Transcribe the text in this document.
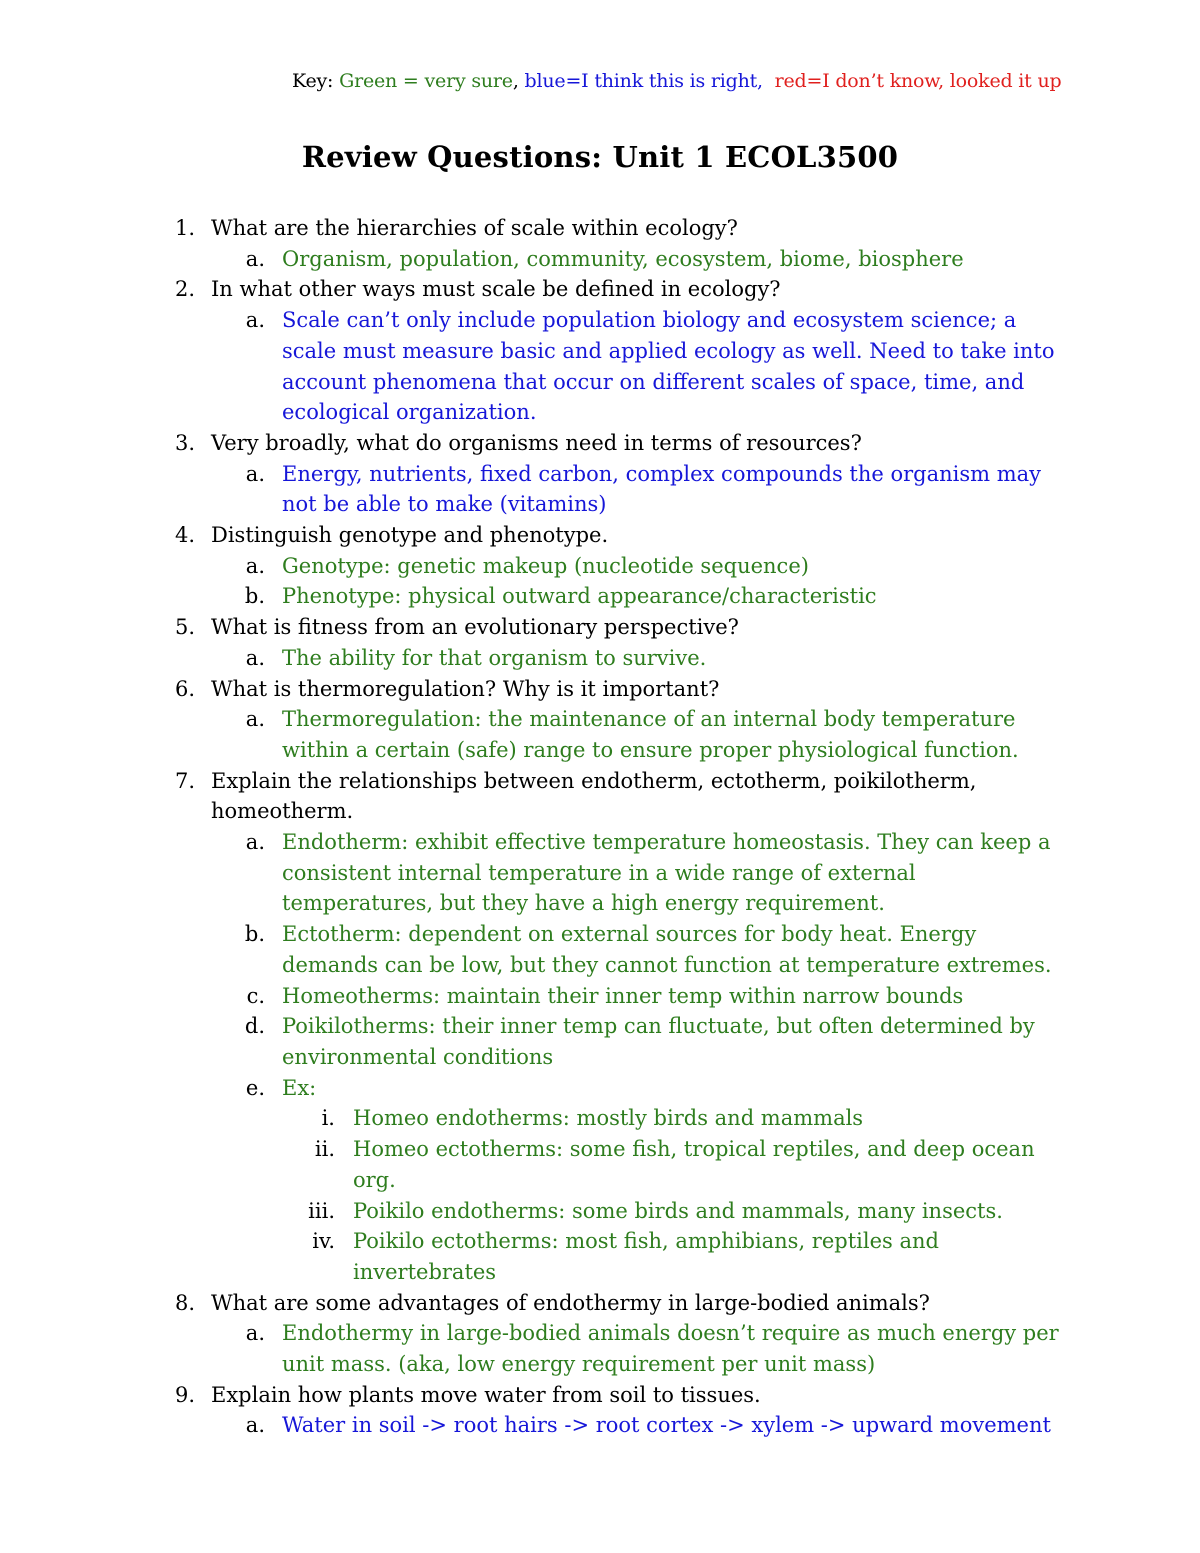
Key: Green = very sure, blue=I think this is right, red=I don’t know, looked it up
Review Questions: Unit 1 ECOL3500
1. What are the hierarchies of scale within ecology?
a. Organism, population, community, ecosystem, biome, biosphere
2. In what other ways must scale be defined in ecology?
a. Scale can’t only include population biology and ecosystem science; a scale must measure basic and applied ecology as well. Need to take into account phenomena that occur on different scales of space, time, and ecological organization.
3. Very broadly, what do organisms need in terms of resources?
a. Energy, nutrients, fixed carbon, complex compounds the organism may not be able to make (vitamins)
4. Distinguish genotype and phenotype.
a. Genotype: genetic makeup (nucleotide sequence)
b. Phenotype: physical outward appearance/characteristic
5. What is fitness from an evolutionary perspective?
a. The ability for that organism to survive.
6. What is thermoregulation? Why is it important?
a. Thermoregulation: the maintenance of an internal body temperature within a certain (safe) range to ensure proper physiological function.
7. Explain the relationships between endotherm, ectotherm, poikilotherm, homeotherm.
a. Endotherm: exhibit effective temperature homeostasis. They can keep a consistent internal temperature in a wide range of external temperatures, but they have a high energy requirement.
b. Ectotherm: dependent on external sources for body heat. Energy demands can be low, but they cannot function at temperature extremes.
c. Homeotherms: maintain their inner temp within narrow bounds
d. Poikilotherms: their inner temp can fluctuate, but often determined by environmental conditions
e. Ex:
i. Homeo endotherms: mostly birds and mammals
ii. Homeo ectotherms: some fish, tropical reptiles, and deep ocean org.
iii. Poikilo endotherms: some birds and mammals, many insects.
iv. Poikilo ectotherms: most fish, amphibians, reptiles and invertebrates
8. What are some advantages of endothermy in large-bodied animals?
a. Endothermy in large-bodied animals doesn’t require as much energy per unit mass. (aka, low energy requirement per unit mass)
9. Explain how plants move water from soil to tissues.
a. Water in soil -> root hairs -> root cortex -> xylem -> upward movement
